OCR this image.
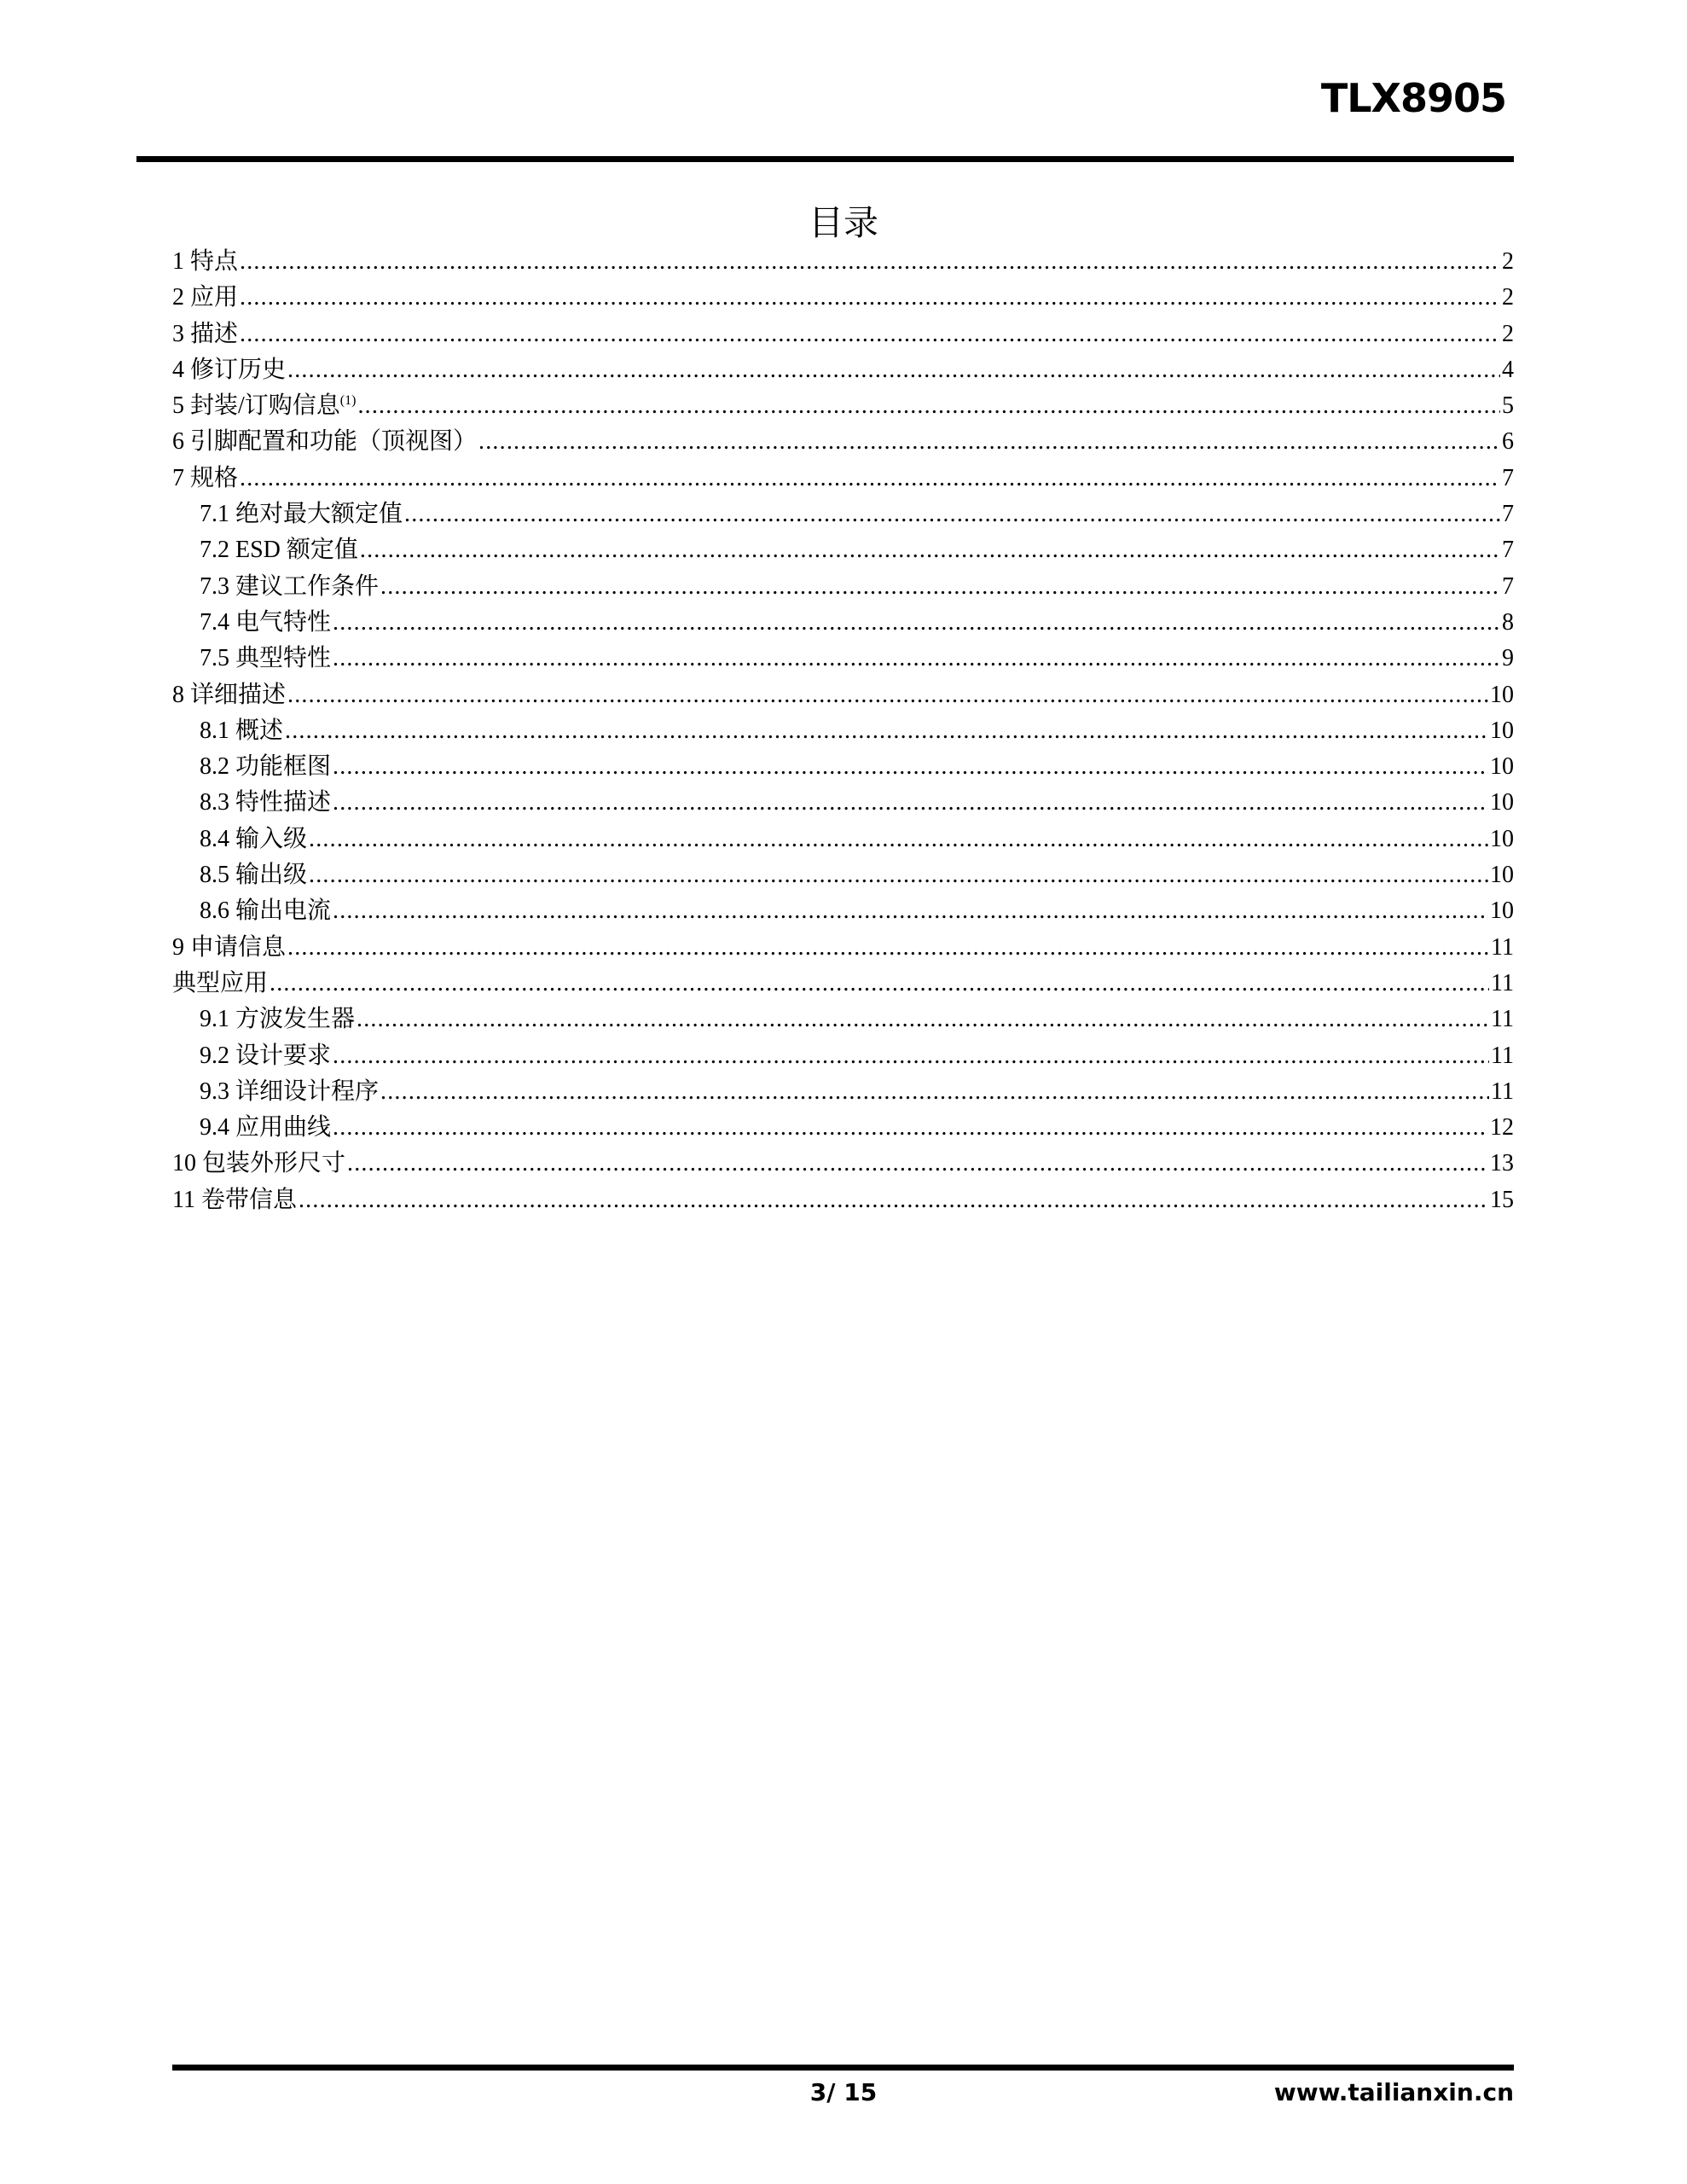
TLX8905
目录
1 特点 .....	2
2 应用 .....	2
3 描述 .....	2
4 修订历史 .....	4
5 封装/订购信息$^{(1)}$ .....	5
6 引脚配置和功能（顶视图） .....	6
7 规格 .....	7
7.1 绝对最大额定值 .....	7
7.2 ESD 额定值 .....	7
7.3 建议工作条件 .....	7
7.4 电气特性 .....	8
7.5 典型特性 .....	9
8 详细描述 .....	10
8.1 概述 .....	10
8.2 功能框图 .....	10
8.3 特性描述 .....	10
8.4 输入级 .....	10
8.5 输出级 .....	10
8.6 输出电流 .....	10
9 申请信息 .....	11
典型应用 .....	11
9.1 方波发生器 .....	11
9.2 设计要求 .....	11
9.3 详细设计程序 .....	11
9.4 应用曲线 .....	12
10 包装外形尺寸 .....	13
11 卷带信息 .....	15
3/ 15	www.tailianxin.cn
